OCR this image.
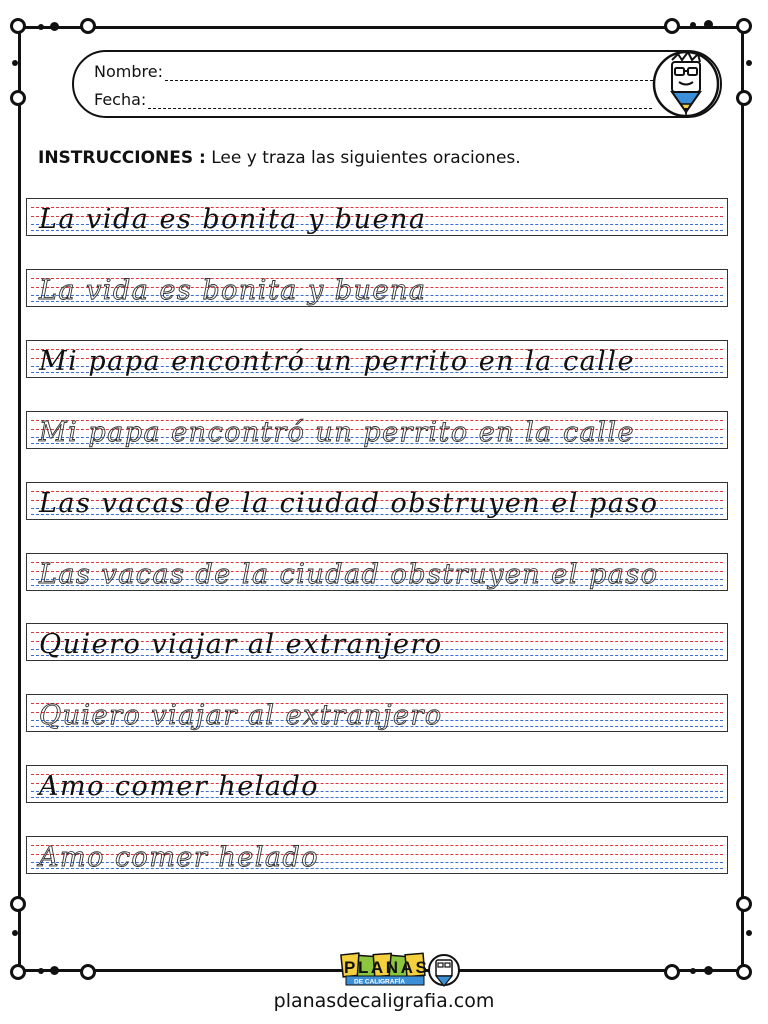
Nombre:
Fecha:
INSTRUCCIONES : Lee y traza las siguientes oraciones.
La vida es bonita y buena
La vida es bonita y buena
Mi papa encontró un perrito en la calle
Mi papa encontró un perrito en la calle
Las vacas de la ciudad obstruyen el paso
Las vacas de la ciudad obstruyen el paso
Quiero viajar al extranjero
Quiero viajar al extranjero
Amo comer helado
Amo comer helado
PLANAS
DE CALIGRAFÍA
planasdecaligrafia.com
